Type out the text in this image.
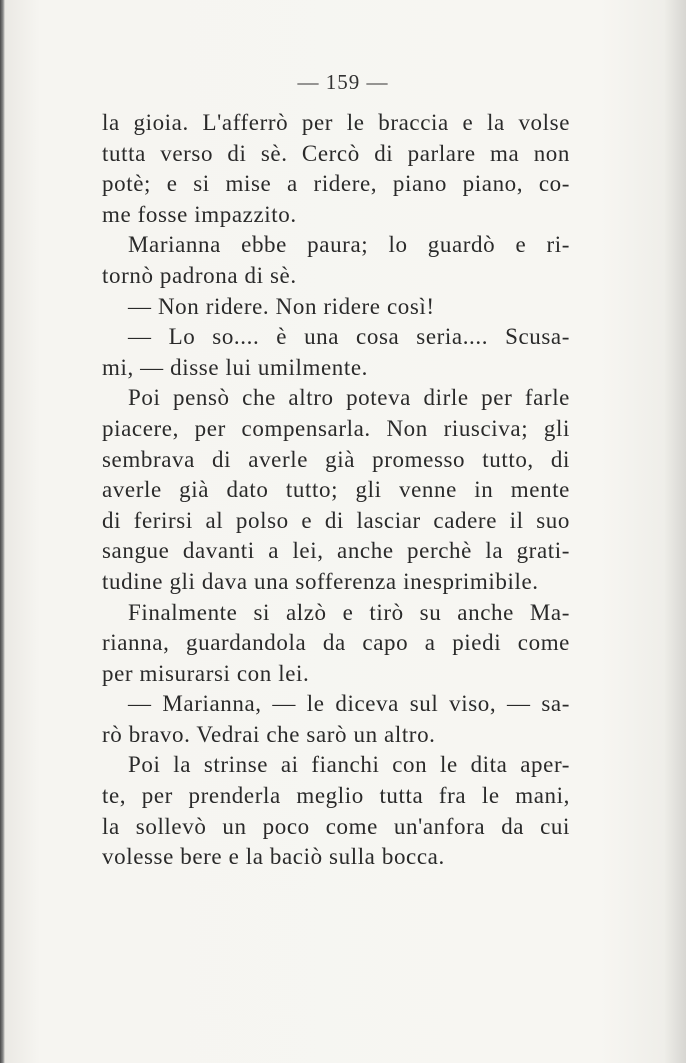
— 159 —
la gioia. L'afferrò per le braccia e la volse
tutta verso di sè. Cercò di parlare ma non
potè; e si mise a ridere, piano piano, co-
me fosse impazzito.
Marianna ebbe paura; lo guardò e ri-
tornò padrona di sè.
— Non ridere. Non ridere così!
— Lo so.... è una cosa seria.... Scusa-
mi, — disse lui umilmente.
Poi pensò che altro poteva dirle per farle
piacere, per compensarla. Non riusciva; gli
sembrava di averle già promesso tutto, di
averle già dato tutto; gli venne in mente
di ferirsi al polso e di lasciar cadere il suo
sangue davanti a lei, anche perchè la grati-
tudine gli dava una sofferenza inesprimibile.
Finalmente si alzò e tirò su anche Ma-
rianna, guardandola da capo a piedi come
per misurarsi con lei.
— Marianna, — le diceva sul viso, — sa-
rò bravo. Vedrai che sarò un altro.
Poi la strinse ai fianchi con le dita aper-
te, per prenderla meglio tutta fra le mani,
la sollevò un poco come un'anfora da cui
volesse bere e la baciò sulla bocca.
